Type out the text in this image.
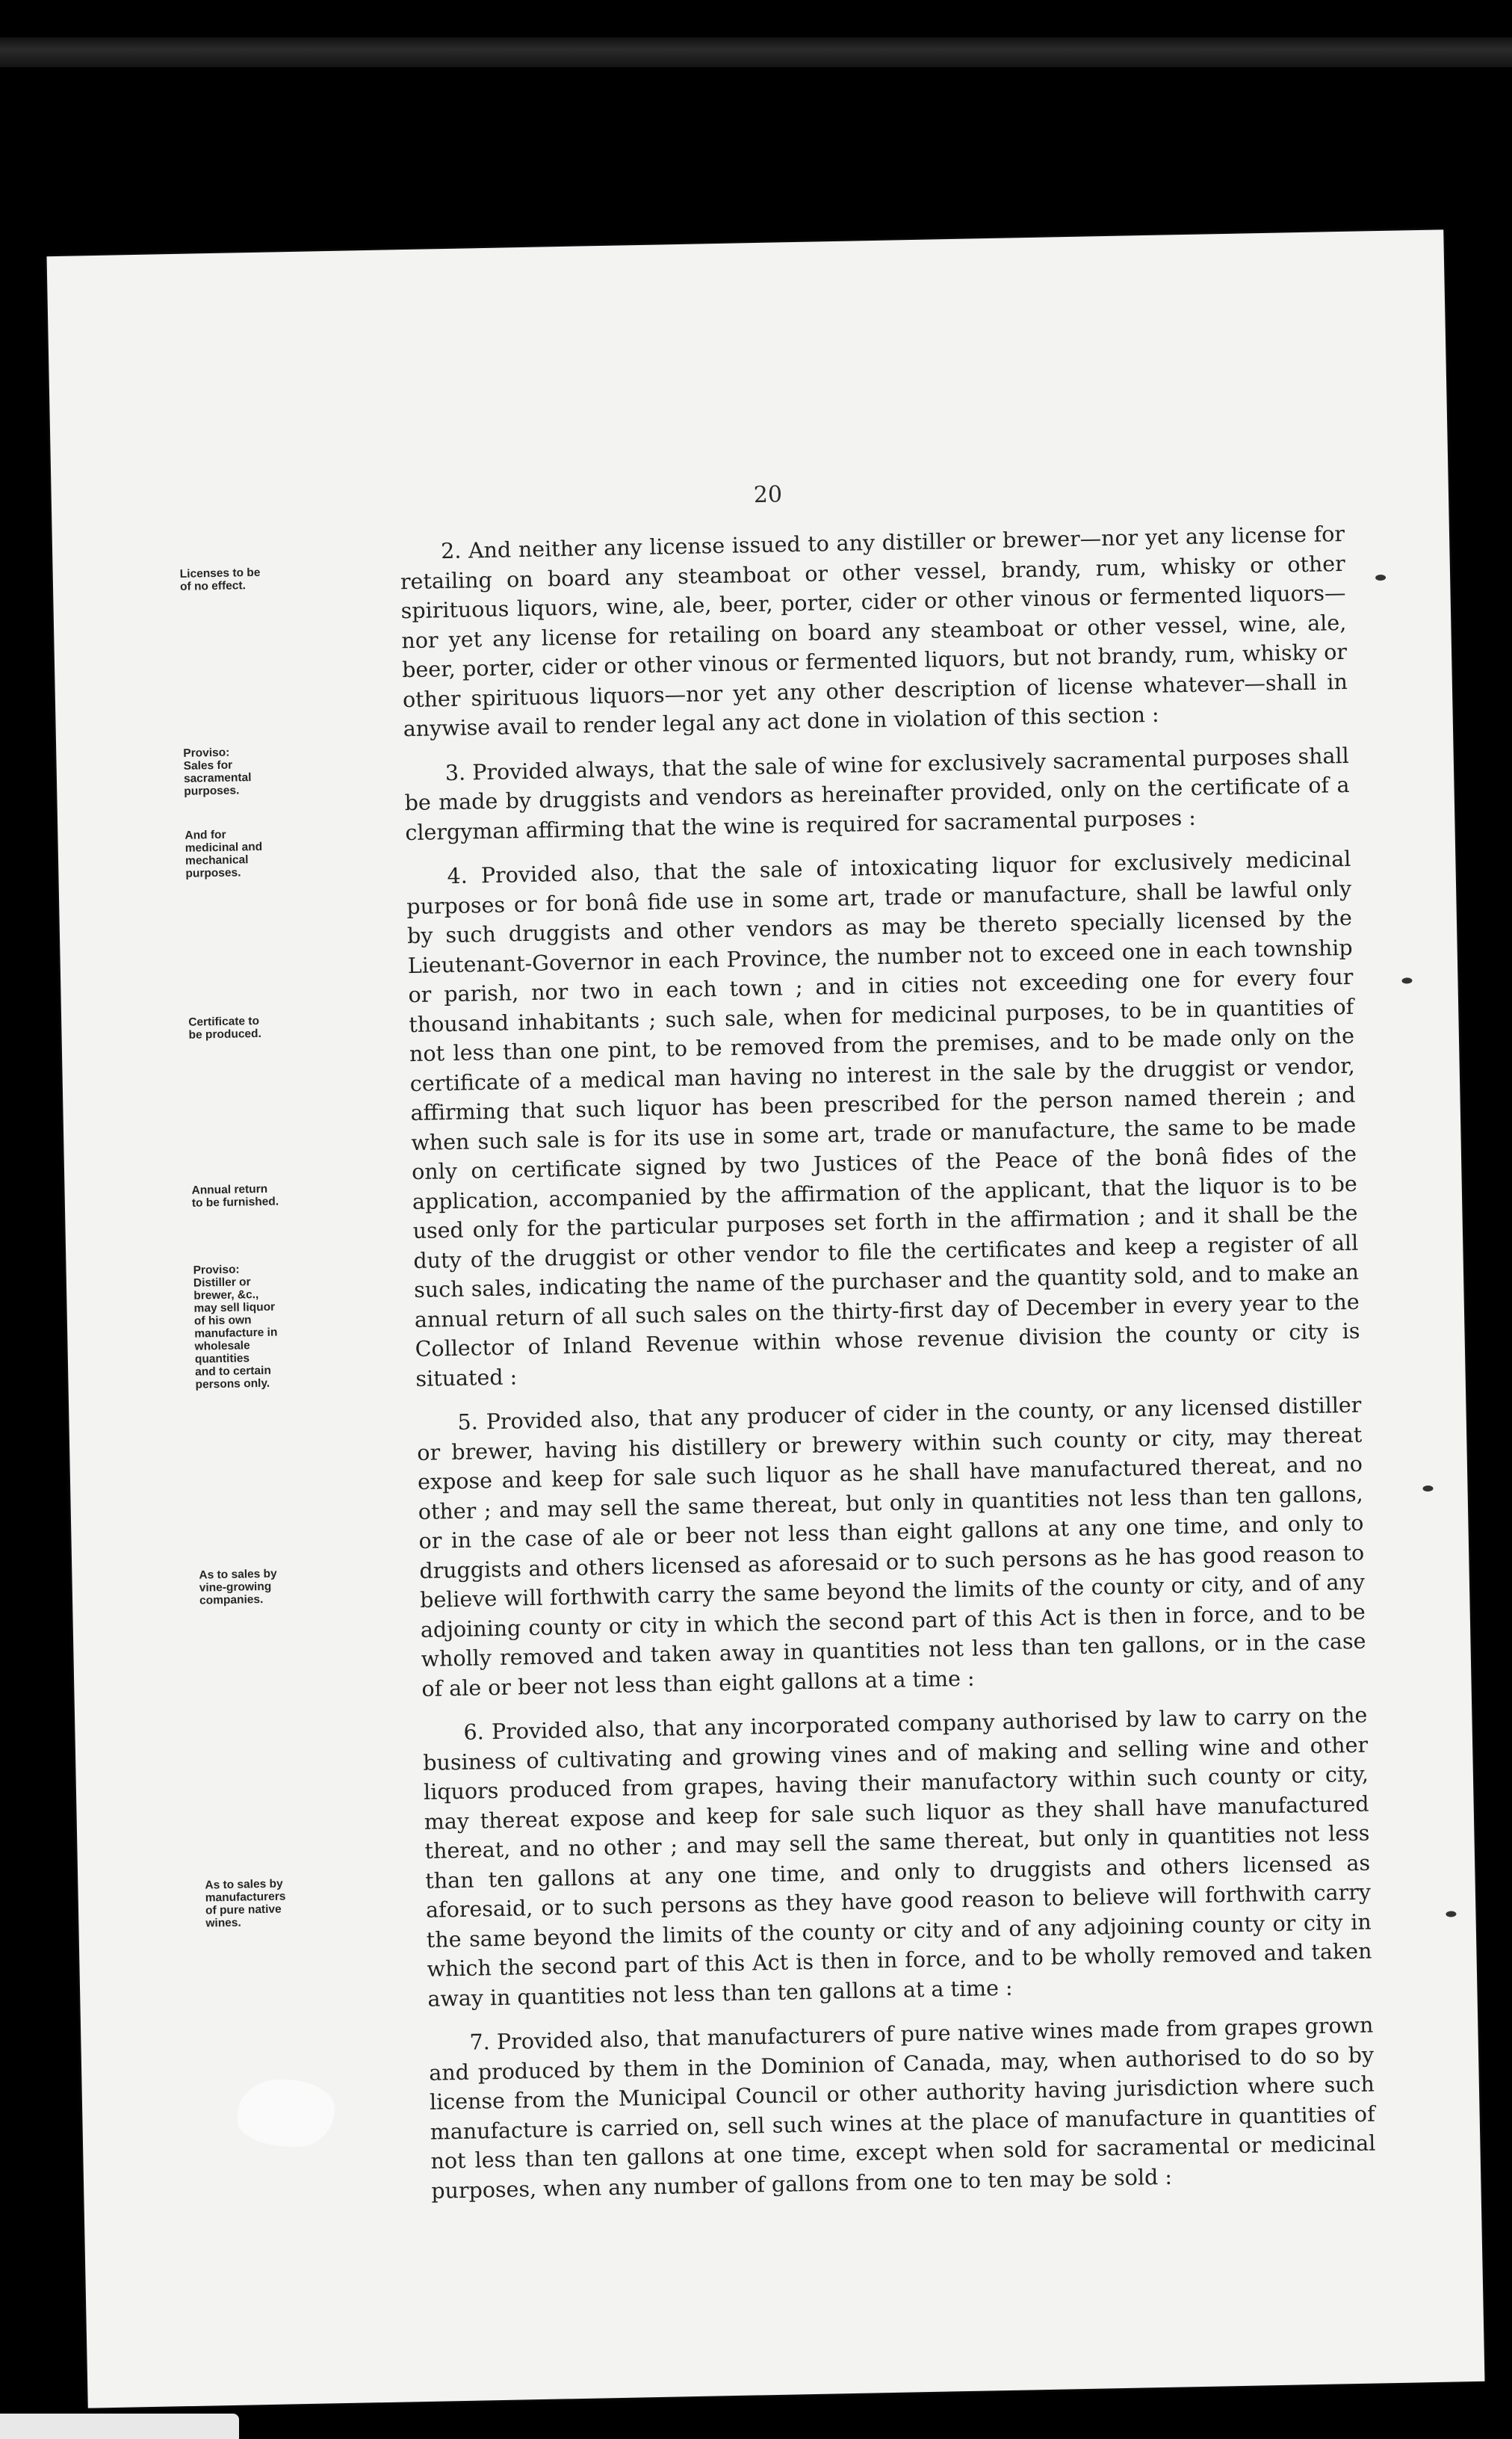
20
Licenses to be
of no effect.
Proviso:
Sales for
sacramental
purposes.
And for
medicinal and
mechanical
purposes.
Certificate to
be produced.
Annual return
to be furnished.
Proviso:
Distiller or
brewer, &c.,
may sell liquor
of his own
manufacture in
wholesale
quantities
and to certain
persons only.
As to sales by
vine-growing
companies.
As to sales by
manufacturers
of pure native
wines.

2. And neither any license issued to any distiller or brewer—nor yet any license for retailing on board any steamboat or other vessel, brandy, rum, whisky or other spirituous liquors, wine, ale, beer, porter, cider or other vinous or fermented liquors—nor yet any license for retailing on board any steamboat or other vessel, wine, ale, beer, porter, cider or other vinous or fermented liquors, but not brandy, rum, whisky or other spirituous liquors—nor yet any other description of license whatever—shall in anywise avail to render legal any act done in violation of this section :

3. Provided always, that the sale of wine for exclusively sacramental purposes shall be made by druggists and vendors as hereinafter provided, only on the certificate of a clergyman affirming that the wine is required for sacramental purposes :

4. Provided also, that the sale of intoxicating liquor for exclusively medicinal purposes or for bonâ fide use in some art, trade or manufacture, shall be lawful only by such druggists and other vendors as may be thereto specially licensed by the Lieutenant-Governor in each Province, the number not to exceed one in each township or parish, nor two in each town ; and in cities not exceeding one for every four thousand inhabitants ; such sale, when for medicinal purposes, to be in quantities of not less than one pint, to be removed from the premises, and to be made only on the certificate of a medical man having no interest in the sale by the druggist or vendor, affirming that such liquor has been prescribed for the person named therein ; and when such sale is for its use in some art, trade or manufacture, the same to be made only on certificate signed by two Justices of the Peace of the bonâ fides of the application, accompanied by the affirmation of the applicant, that the liquor is to be used only for the particular purposes set forth in the affirmation ; and it shall be the duty of the druggist or other vendor to file the certificates and keep a register of all such sales, indicating the name of the purchaser and the quantity sold, and to make an annual return of all such sales on the thirty-first day of December in every year to the Collector of Inland Revenue within whose revenue division the county or city is situated :

5. Provided also, that any producer of cider in the county, or any licensed distiller or brewer, having his distillery or brewery within such county or city, may thereat expose and keep for sale such liquor as he shall have manufactured thereat, and no other ; and may sell the same thereat, but only in quantities not less than ten gallons, or in the case of ale or beer not less than eight gallons at any one time, and only to druggists and others licensed as aforesaid or to such persons as he has good reason to believe will forthwith carry the same beyond the limits of the county or city, and of any adjoining county or city in which the second part of this Act is then in force, and to be wholly removed and taken away in quantities not less than ten gallons, or in the case of ale or beer not less than eight gallons at a time :

6. Provided also, that any incorporated company authorised by law to carry on the business of cultivating and growing vines and of making and selling wine and other liquors produced from grapes, having their manufactory within such county or city, may thereat expose and keep for sale such liquor as they shall have manufactured thereat, and no other ; and may sell the same thereat, but only in quantities not less than ten gallons at any one time, and only to druggists and others licensed as aforesaid, or to such persons as they have good reason to believe will forthwith carry the same beyond the limits of the county or city and of any adjoining county or city in which the second part of this Act is then in force, and to be wholly removed and taken away in quantities not less than ten gallons at a time :

7. Provided also, that manufacturers of pure native wines made from grapes grown and produced by them in the Dominion of Canada, may, when authorised to do so by license from the Municipal Council or other authority having jurisdiction where such manufacture is carried on, sell such wines at the place of manufacture in quantities of not less than ten gallons at one time, except when sold for sacramental or medicinal purposes, when any number of gallons from one to ten may be sold :
